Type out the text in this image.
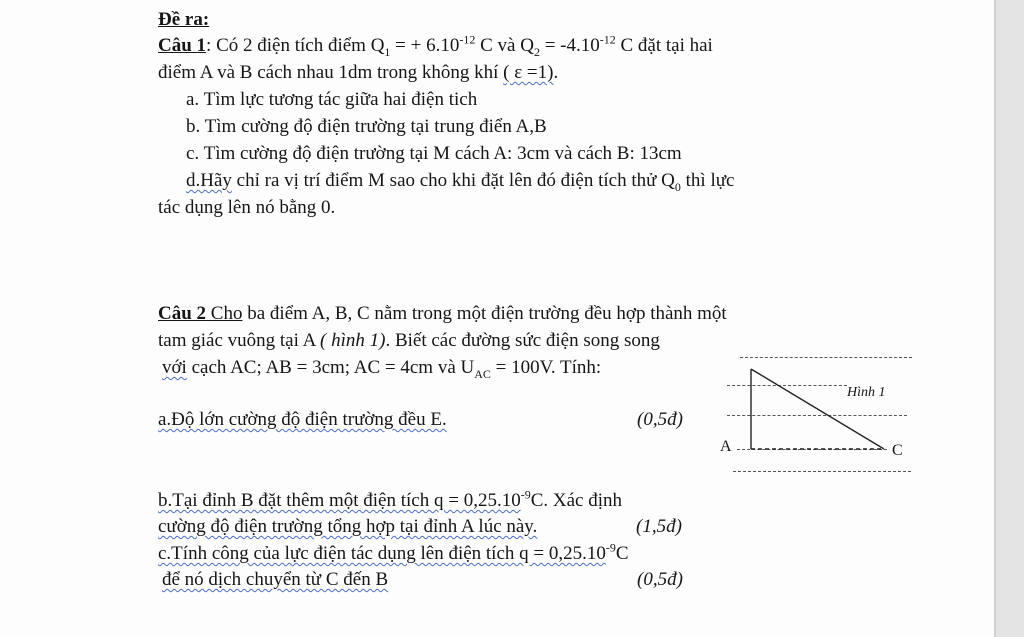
Đề ra:
Câu 1: Có 2 điện tích điểm $Q_1$ = + $6.10^{-12}$ C và $Q_2 = -4.10^{-12}$ C đặt tại hai
điểm A và B cách nhau 1dm trong không khí ( ε =1).
a. Tìm lực tương tác giữa hai điện tich
b. Tìm cường độ điện trường tại trung điển A,B
c. Tìm cường độ điện trường tại M cách A: 3cm và cách B: 13cm
d.Hãy chỉ ra vị trí điểm M sao cho khi đặt lên đó điện tích thử $Q_0$ thì lực
tác dụng lên nó bằng 0.
Câu 2 Cho ba điểm A, B, C nằm trong một điện trường đều hợp thành một
tam giác vuông tại A ( hình 1). Biết các đường sức điện song song
với cạch AC; AB = 3cm; AC = 4cm và $U_{AC} = 100V$. Tính:
a.Độ lớn cường độ điện trường đều E.	(0,5đ)
b.Tại đỉnh B đặt thêm một điện tích $q = 0,25.10^{-9}C$. Xác định
cường độ điện trường tổng hợp tại đỉnh A lúc này.	(1,5đ)
c.Tính công của lực điện tác dụng lên điện tích $q = 0,25.10^{-9}C$
để nó dịch chuyển từ C đến B	(0,5đ)
Hình 1
A	C
